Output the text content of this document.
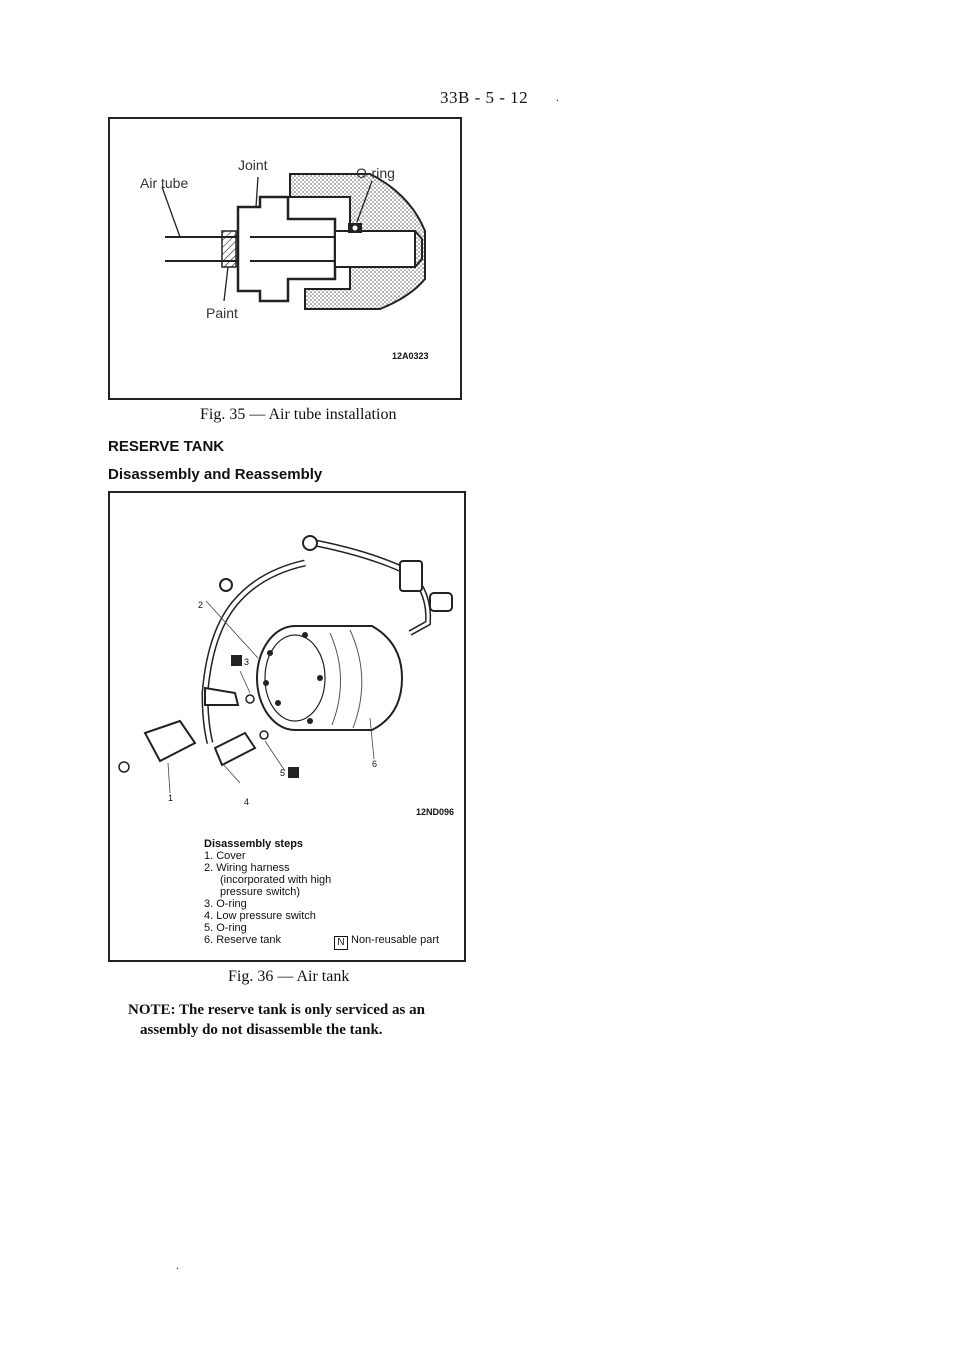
33B - 5 - 12 .
Air tube
Joint	O-ring
Paint
12A0323
Fig. 35 — Air tube installation
RESERVE TANK
Disassembly and Reassembly
2
3
4
5
6
1
12ND096
Disassembly steps
1. Cover
2. Wiring harness
(incorporated with high
pressure switch)
3. O-ring
4. Low pressure switch
5. O-ring
6. Reserve tank	N Non-reusable part
Fig. 36 — Air tank
NOTE: The reserve tank is only serviced as an
assembly do not disassemble the tank.
.
